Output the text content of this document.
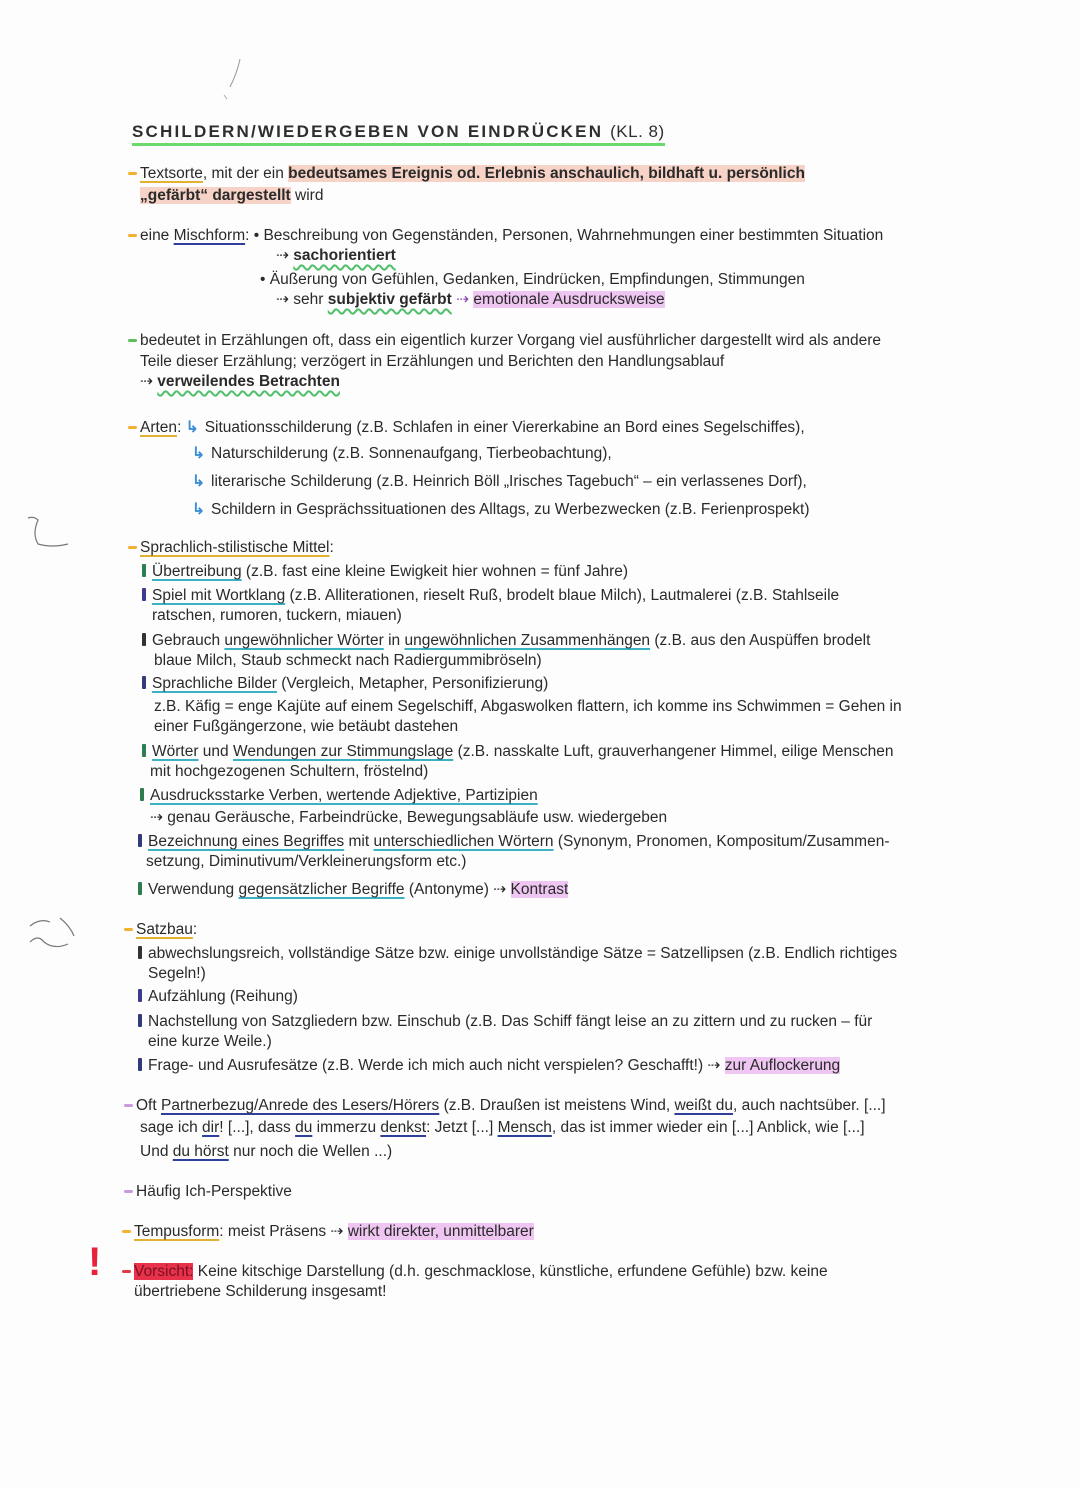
SCHILDERN/WIEDERGEBEN VON EINDRÜCKEN (KL. 8)
Textsorte, mit der ein bedeutsames Ereignis od. Erlebnis anschaulich, bildhaft u. persönlich
„gefärbt“ dargestellt wird
eine Mischform: • Beschreibung von Gegenständen, Personen, Wahrnehmungen einer bestimmten Situation
⇢ sachorientiert
• Äußerung von Gefühlen, Gedanken, Eindrücken, Empfindungen, Stimmungen
⇢ sehr subjektiv gefärbt ⇢ emotionale Ausdrucksweise
bedeutet in Erzählungen oft, dass ein eigentlich kurzer Vorgang viel ausführlicher dargestellt wird als andere
Teile dieser Erzählung; verzögert in Erzählungen und Berichten den Handlungsablauf
⇢ verweilendes Betrachten
Arten: ↳ Situationsschilderung (z.B. Schlafen in einer Viererkabine an Bord eines Segelschiffes),
↳ Naturschilderung (z.B. Sonnenaufgang, Tierbeobachtung),
↳ literarische Schilderung (z.B. Heinrich Böll „Irisches Tagebuch“ – ein verlassenes Dorf),
↳ Schildern in Gesprächssituationen des Alltags, zu Werbezwecken (z.B. Ferienprospekt)
Sprachlich-stilistische Mittel:
Übertreibung (z.B. fast eine kleine Ewigkeit hier wohnen = fünf Jahre)
Spiel mit Wortklang (z.B. Alliterationen, rieselt Ruß, brodelt blaue Milch), Lautmalerei (z.B. Stahlseile
ratschen, rumoren, tuckern, miauen)
Gebrauch ungewöhnlicher Wörter in ungewöhnlichen Zusammenhängen (z.B. aus den Auspüffen brodelt
blaue Milch, Staub schmeckt nach Radiergummibröseln)
Sprachliche Bilder (Vergleich, Metapher, Personifizierung)
z.B. Käfig = enge Kajüte auf einem Segelschiff, Abgaswolken flattern, ich komme ins Schwimmen = Gehen in
einer Fußgängerzone, wie betäubt dastehen
Wörter und Wendungen zur Stimmungslage (z.B. nasskalte Luft, grauverhangener Himmel, eilige Menschen
mit hochgezogenen Schultern, fröstelnd)
Ausdrucksstarke Verben, wertende Adjektive, Partizipien
⇢ genau Geräusche, Farbeindrücke, Bewegungsabläufe usw. wiedergeben
Bezeichnung eines Begriffes mit unterschiedlichen Wörtern (Synonym, Pronomen, Kompositum/Zusammen-
setzung, Diminutivum/Verkleinerungsform etc.)
Verwendung gegensätzlicher Begriffe (Antonyme) ⇢ Kontrast
Satzbau:
abwechslungsreich, vollständige Sätze bzw. einige unvollständige Sätze = Satzellipsen (z.B. Endlich richtiges
Segeln!)
Aufzählung (Reihung)
Nachstellung von Satzgliedern bzw. Einschub (z.B. Das Schiff fängt leise an zu zittern und zu rucken – für
eine kurze Weile.)
Frage- und Ausrufesätze (z.B. Werde ich mich auch nicht verspielen? Geschafft!) ⇢ zur Auflockerung
Oft Partnerbezug/Anrede des Lesers/Hörers (z.B. Draußen ist meistens Wind, weißt du, auch nachtsüber. [...]
sage ich dir! [...], dass du immerzu denkst: Jetzt [...] Mensch, das ist immer wieder ein [...] Anblick, wie [...]
Und du hörst nur noch die Wellen ...)
Häufig Ich-Perspektive
Tempusform: meist Präsens ⇢ wirkt direkter, unmittelbarer
!	Vorsicht: Keine kitschige Darstellung (d.h. geschmacklose, künstliche, erfundene Gefühle) bzw. keine
übertriebene Schilderung insgesamt!
